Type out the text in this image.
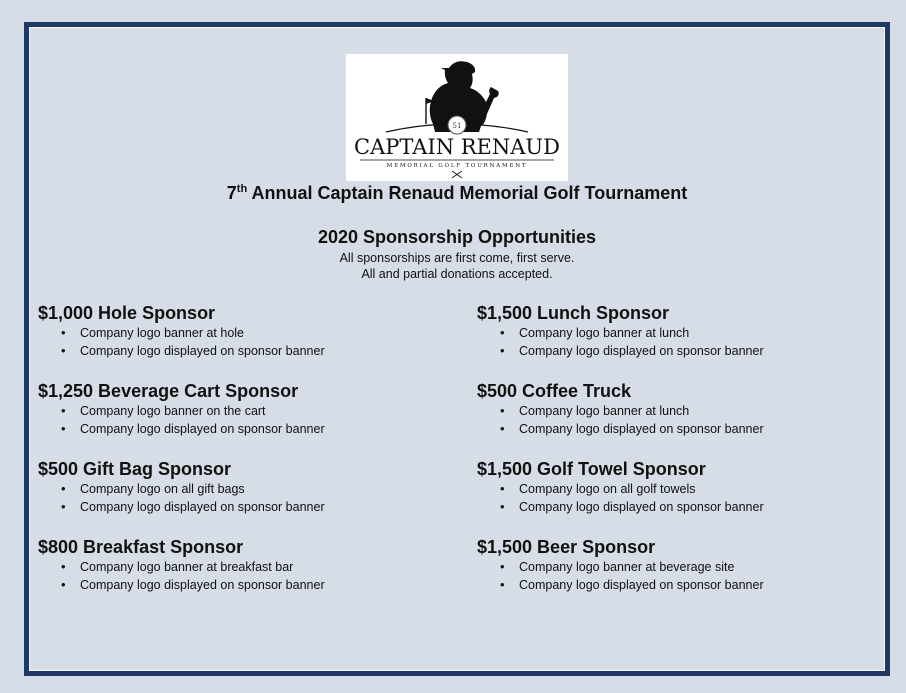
51
CAPTAIN RENAUD
MEMORIAL GOLF TOURNAMENT
7th Annual Captain Renaud Memorial Golf Tournament
2020 Sponsorship Opportunities
All sponsorships are first come, first serve.
All and partial donations accepted.
$1,000 Hole Sponsor
• Company logo banner at hole
• Company logo displayed on sponsor banner
$1,250 Beverage Cart Sponsor
• Company logo banner on the cart
• Company logo displayed on sponsor banner
$500 Gift Bag Sponsor
• Company logo on all gift bags
• Company logo displayed on sponsor banner
$800 Breakfast Sponsor
• Company logo banner at breakfast bar
• Company logo displayed on sponsor banner
$1,500 Lunch Sponsor
• Company logo banner at lunch
• Company logo displayed on sponsor banner
$500 Coffee Truck
• Company logo banner at lunch
• Company logo displayed on sponsor banner
$1,500 Golf Towel Sponsor
• Company logo on all golf towels
• Company logo displayed on sponsor banner
$1,500 Beer Sponsor
• Company logo banner at beverage site
• Company logo displayed on sponsor banner
